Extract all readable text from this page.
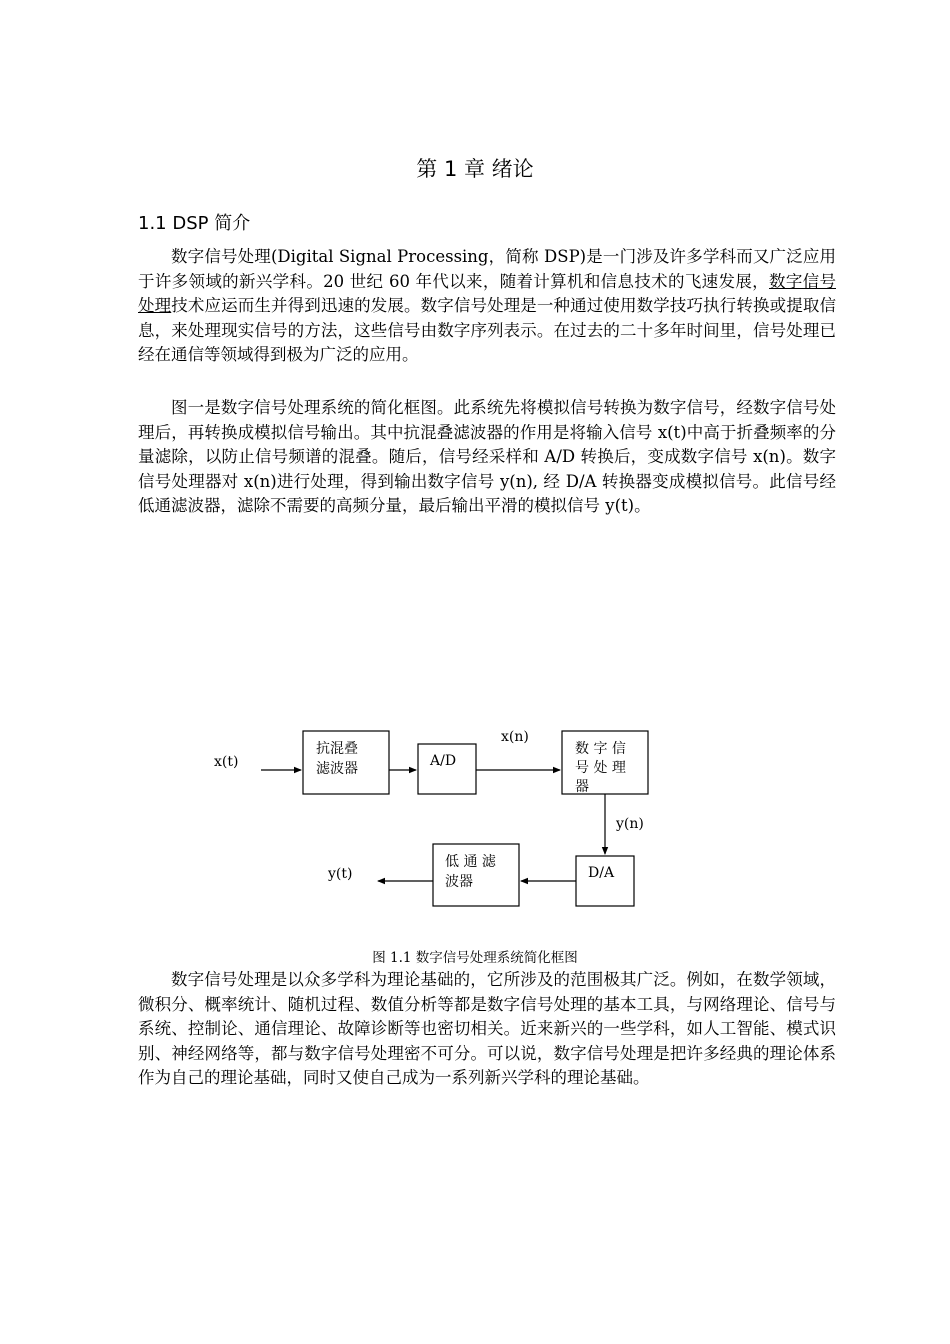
第 1 章 绪论
1.1 DSP 简介

数字信号处理(Digital Signal Processing，简称 DSP)是一门涉及许多学科而又广泛应用于许多领域的新兴学科。20 世纪 60 年代以来，随着计算机和信息技术的飞速发展，数字信号处理技术应运而生并得到迅速的发展。数字信号处理是一种通过使用数学技巧执行转换或提取信息，来处理现实信号的方法，这些信号由数字序列表示。在过去的二十多年时间里，信号处理已经在通信等领域得到极为广泛的应用。

图一是数字信号处理系统的简化框图。此系统先将模拟信号转换为数字信号，经数字信号处理后，再转换成模拟信号输出。其中抗混叠滤波器的作用是将输入信号 x(t)中高于折叠频率的分量滤除，以防止信号频谱的混叠。随后，信号经采样和 A/D 转换后，变成数字信号 x(n)。数字信号处理器对 x(n)进行处理，得到输出数字信号 y(n), 经 D/A 转换器变成模拟信号。此信号经低通滤波器，滤除不需要的高频分量，最后输出平滑的模拟信号 y(t)。

x(t)
抗混叠
滤波器	A/D
x(n)
数 字 信
号 处 理
器
y(n)
D/A
低 通 滤
波器
y(t)
图 1.1 数字信号处理系统简化框图

数字信号处理是以众多学科为理论基础的，它所涉及的范围极其广泛。例如，在数学领域，微积分、概率统计、随机过程、数值分析等都是数字信号处理的基本工具，与网络理论、信号与系统、控制论、通信理论、故障诊断等也密切相关。近来新兴的一些学科，如人工智能、模式识别、神经网络等，都与数字信号处理密不可分。可以说，数字信号处理是把许多经典的理论体系作为自己的理论基础，同时又使自己成为一系列新兴学科的理论基础。
